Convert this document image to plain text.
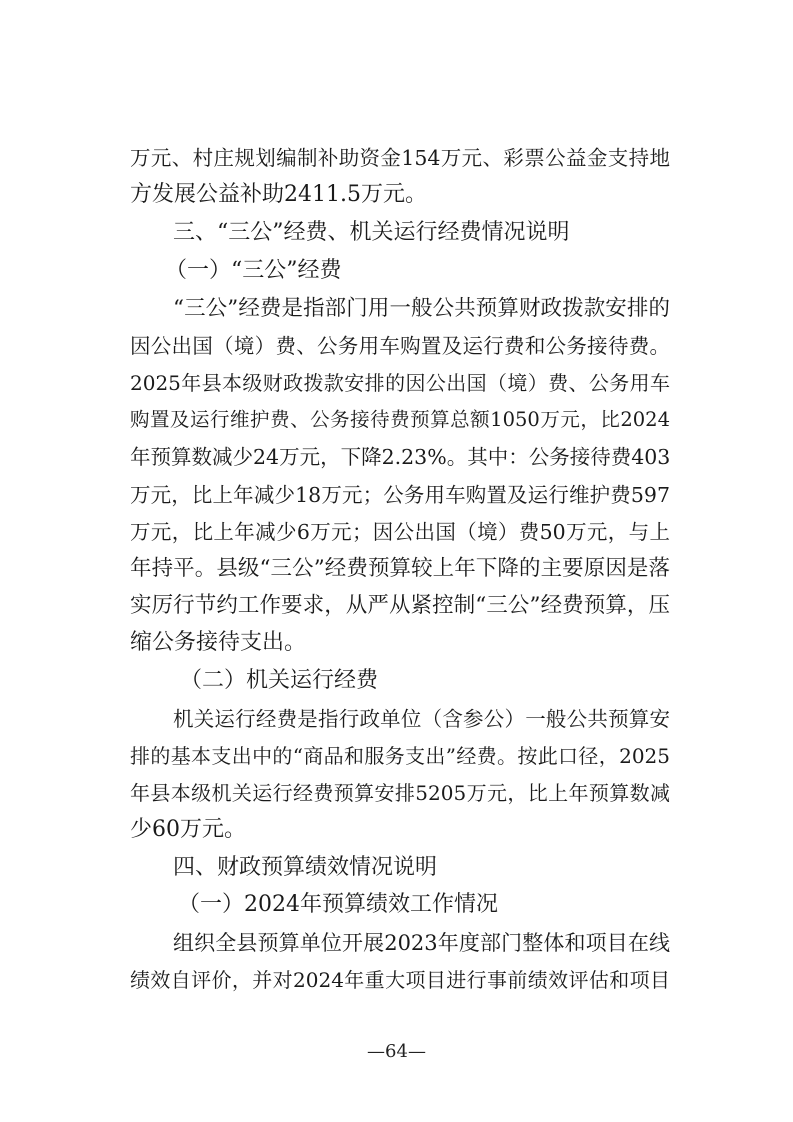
万元、村庄规划编制补助资金154万元、彩票公益金支持地
方发展公益补助2411.5万元。
三、“三公”经费、机关运行经费情况说明
（一）“三公”经费
“三公”经费是指部门用一般公共预算财政拨款安排的
因公出国（境）费、公务用车购置及运行费和公务接待费。
2025年县本级财政拨款安排的因公出国（境）费、公务用车
购置及运行维护费、公务接待费预算总额1050万元，比2024
年预算数减少24万元，下降2.23%。其中：公务接待费403
万元，比上年减少18万元；公务用车购置及运行维护费597
万元，比上年减少6万元；因公出国（境）费50万元，与上
年持平。县级“三公”经费预算较上年下降的主要原因是落
实厉行节约工作要求，从严从紧控制“三公”经费预算，压
缩公务接待支出。
（二）机关运行经费
机关运行经费是指行政单位（含参公）一般公共预算安
排的基本支出中的“商品和服务支出”经费。按此口径，2025
年县本级机关运行经费预算安排5205万元，比上年预算数减
少60万元。
四、财政预算绩效情况说明
（一）2024年预算绩效工作情况
组织全县预算单位开展2023年度部门整体和项目在线
绩效自评价，并对2024年重大项目进行事前绩效评估和项目
—64—
